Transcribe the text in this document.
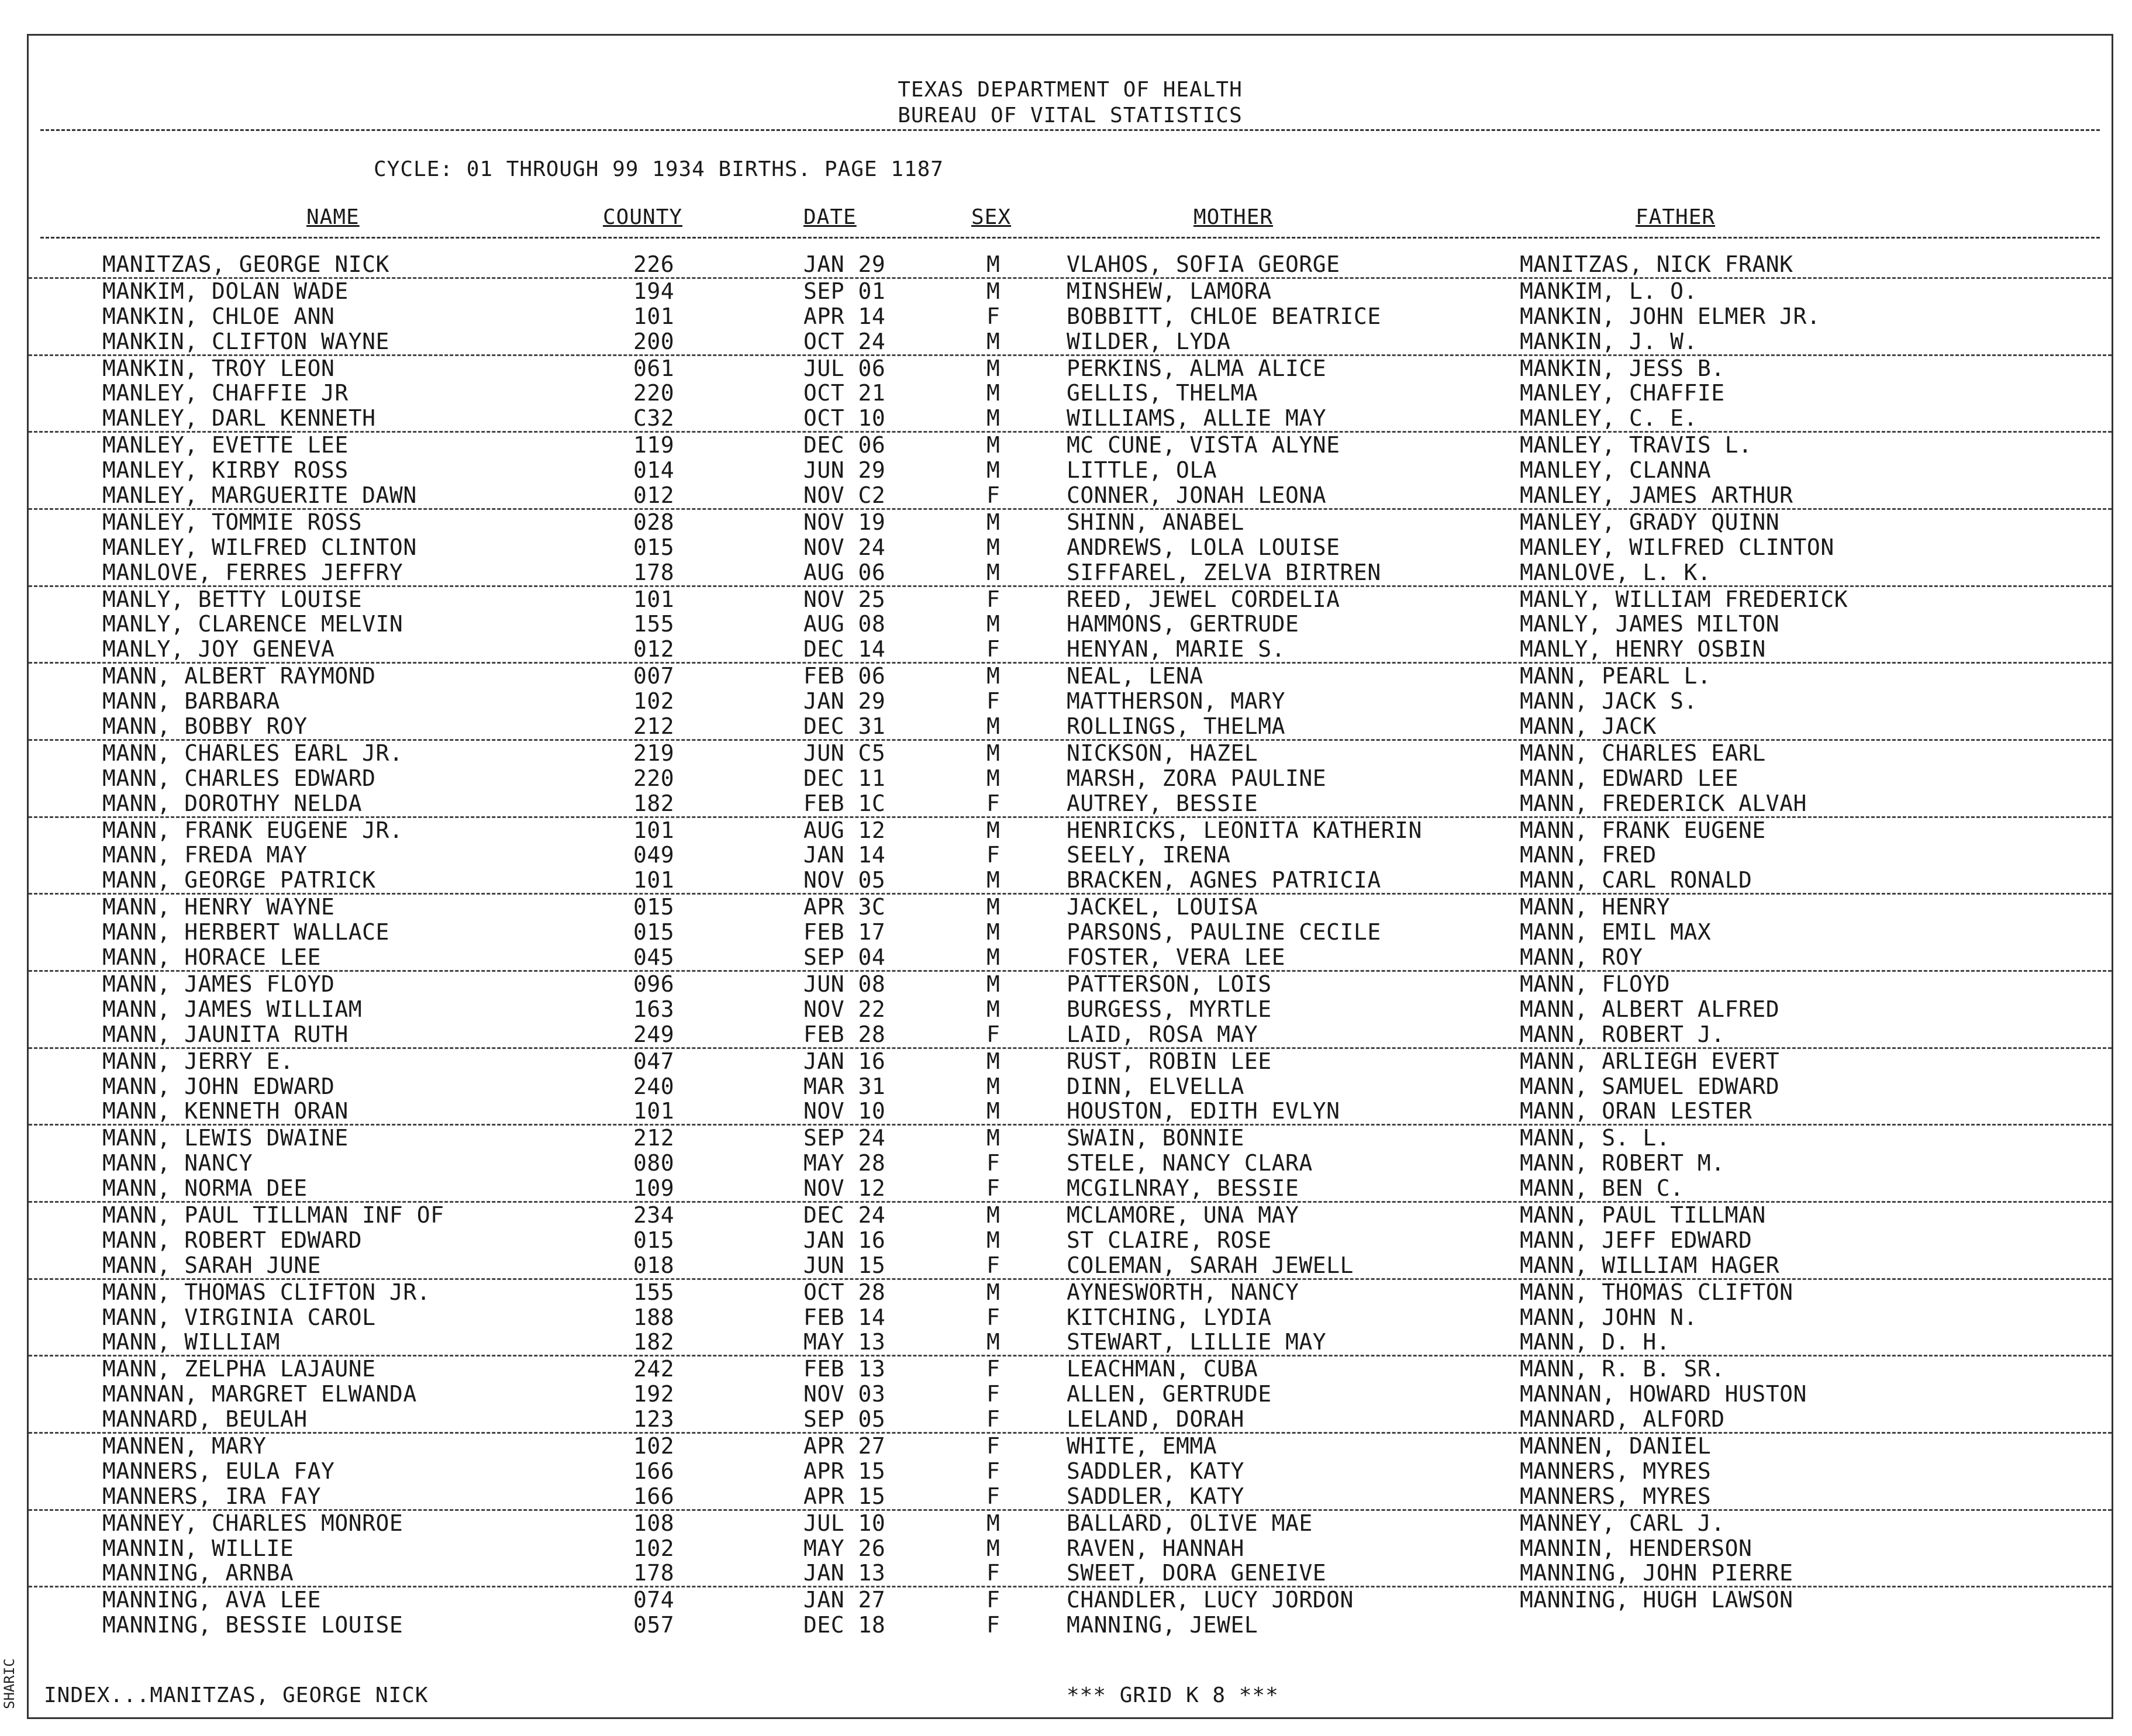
SHARIC
TEXAS DEPARTMENT OF HEALTH
BUREAU OF VITAL STATISTICS
CYCLE: 01 THROUGH 99 1934 BIRTHS. PAGE 1187
NAME	COUNTY	DATE	SEX	MOTHER	FATHER
MANITZAS, GEORGE NICK	226	JAN 29	M	VLAHOS, SOFIA GEORGE	MANITZAS, NICK FRANK
MANKIM, DOLAN WADE	194	SEP 01	M	MINSHEW, LAMORA	MANKIM, L. O.
MANKIN, CHLOE ANN	101	APR 14	F	BOBBITT, CHLOE BEATRICE	MANKIN, JOHN ELMER JR.
MANKIN, CLIFTON WAYNE	200	OCT 24	M	WILDER, LYDA	MANKIN, J. W.
MANKIN, TROY LEON	061	JUL 06	M	PERKINS, ALMA ALICE	MANKIN, JESS B.
MANLEY, CHAFFIE JR	220	OCT 21	M	GELLIS, THELMA	MANLEY, CHAFFIE
MANLEY, DARL KENNETH	C32	OCT 10	M	WILLIAMS, ALLIE MAY	MANLEY, C. E.
MANLEY, EVETTE LEE	119	DEC 06	M	MC CUNE, VISTA ALYNE	MANLEY, TRAVIS L.
MANLEY, KIRBY ROSS	014	JUN 29	M	LITTLE, OLA	MANLEY, CLANNA
MANLEY, MARGUERITE DAWN	012	NOV C2	F	CONNER, JONAH LEONA	MANLEY, JAMES ARTHUR
MANLEY, TOMMIE ROSS	028	NOV 19	M	SHINN, ANABEL	MANLEY, GRADY QUINN
MANLEY, WILFRED CLINTON	015	NOV 24	M	ANDREWS, LOLA LOUISE	MANLEY, WILFRED CLINTON
MANLOVE, FERRES JEFFRY	178	AUG 06	M	SIFFAREL, ZELVA BIRTREN	MANLOVE, L. K.
MANLY, BETTY LOUISE	101	NOV 25	F	REED, JEWEL CORDELIA	MANLY, WILLIAM FREDERICK
MANLY, CLARENCE MELVIN	155	AUG 08	M	HAMMONS, GERTRUDE	MANLY, JAMES MILTON
MANLY, JOY GENEVA	012	DEC 14	F	HENYAN, MARIE S.	MANLY, HENRY OSBIN
MANN, ALBERT RAYMOND	007	FEB 06	M	NEAL, LENA	MANN, PEARL L.
MANN, BARBARA	102	JAN 29	F	MATTHERSON, MARY	MANN, JACK S.
MANN, BOBBY ROY	212	DEC 31	M	ROLLINGS, THELMA	MANN, JACK
MANN, CHARLES EARL JR.	219	JUN C5	M	NICKSON, HAZEL	MANN, CHARLES EARL
MANN, CHARLES EDWARD	220	DEC 11	M	MARSH, ZORA PAULINE	MANN, EDWARD LEE
MANN, DOROTHY NELDA	182	FEB 1C	F	AUTREY, BESSIE	MANN, FREDERICK ALVAH
MANN, FRANK EUGENE JR.	101	AUG 12	M	HENRICKS, LEONITA KATHERIN	MANN, FRANK EUGENE
MANN, FREDA MAY	049	JAN 14	F	SEELY, IRENA	MANN, FRED
MANN, GEORGE PATRICK	101	NOV 05	M	BRACKEN, AGNES PATRICIA	MANN, CARL RONALD
MANN, HENRY WAYNE	015	APR 3C	M	JACKEL, LOUISA	MANN, HENRY
MANN, HERBERT WALLACE	015	FEB 17	M	PARSONS, PAULINE CECILE	MANN, EMIL MAX
MANN, HORACE LEE	045	SEP 04	M	FOSTER, VERA LEE	MANN, ROY
MANN, JAMES FLOYD	096	JUN 08	M	PATTERSON, LOIS	MANN, FLOYD
MANN, JAMES WILLIAM	163	NOV 22	M	BURGESS, MYRTLE	MANN, ALBERT ALFRED
MANN, JAUNITA RUTH	249	FEB 28	F	LAID, ROSA MAY	MANN, ROBERT J.
MANN, JERRY E.	047	JAN 16	M	RUST, ROBIN LEE	MANN, ARLIEGH EVERT
MANN, JOHN EDWARD	240	MAR 31	M	DINN, ELVELLA	MANN, SAMUEL EDWARD
MANN, KENNETH ORAN	101	NOV 10	M	HOUSTON, EDITH EVLYN	MANN, ORAN LESTER
MANN, LEWIS DWAINE	212	SEP 24	M	SWAIN, BONNIE	MANN, S. L.
MANN, NANCY	080	MAY 28	F	STELE, NANCY CLARA	MANN, ROBERT M.
MANN, NORMA DEE	109	NOV 12	F	MCGILNRAY, BESSIE	MANN, BEN C.
MANN, PAUL TILLMAN INF OF	234	DEC 24	M	MCLAMORE, UNA MAY	MANN, PAUL TILLMAN
MANN, ROBERT EDWARD	015	JAN 16	M	ST CLAIRE, ROSE	MANN, JEFF EDWARD
MANN, SARAH JUNE	018	JUN 15	F	COLEMAN, SARAH JEWELL	MANN, WILLIAM HAGER
MANN, THOMAS CLIFTON JR.	155	OCT 28	M	AYNESWORTH, NANCY	MANN, THOMAS CLIFTON
MANN, VIRGINIA CAROL	188	FEB 14	F	KITCHING, LYDIA	MANN, JOHN N.
MANN, WILLIAM	182	MAY 13	M	STEWART, LILLIE MAY	MANN, D. H.
MANN, ZELPHA LAJAUNE	242	FEB 13	F	LEACHMAN, CUBA	MANN, R. B. SR.
MANNAN, MARGRET ELWANDA	192	NOV 03	F	ALLEN, GERTRUDE	MANNAN, HOWARD HUSTON
MANNARD, BEULAH	123	SEP 05	F	LELAND, DORAH	MANNARD, ALFORD
MANNEN, MARY	102	APR 27	F	WHITE, EMMA	MANNEN, DANIEL
MANNERS, EULA FAY	166	APR 15	F	SADDLER, KATY	MANNERS, MYRES
MANNERS, IRA FAY	166	APR 15	F	SADDLER, KATY	MANNERS, MYRES
MANNEY, CHARLES MONROE	108	JUL 10	M	BALLARD, OLIVE MAE	MANNEY, CARL J.
MANNIN, WILLIE	102	MAY 26	M	RAVEN, HANNAH	MANNIN, HENDERSON
MANNING, ARNBA	178	JAN 13	F	SWEET, DORA GENEIVE	MANNING, JOHN PIERRE
MANNING, AVA LEE	074	JAN 27	F	CHANDLER, LUCY JORDON	MANNING, HUGH LAWSON
MANNING, BESSIE LOUISE	057	DEC 18	F	MANNING, JEWEL
INDEX...MANITZAS, GEORGE NICK	*** GRID K 8 ***
